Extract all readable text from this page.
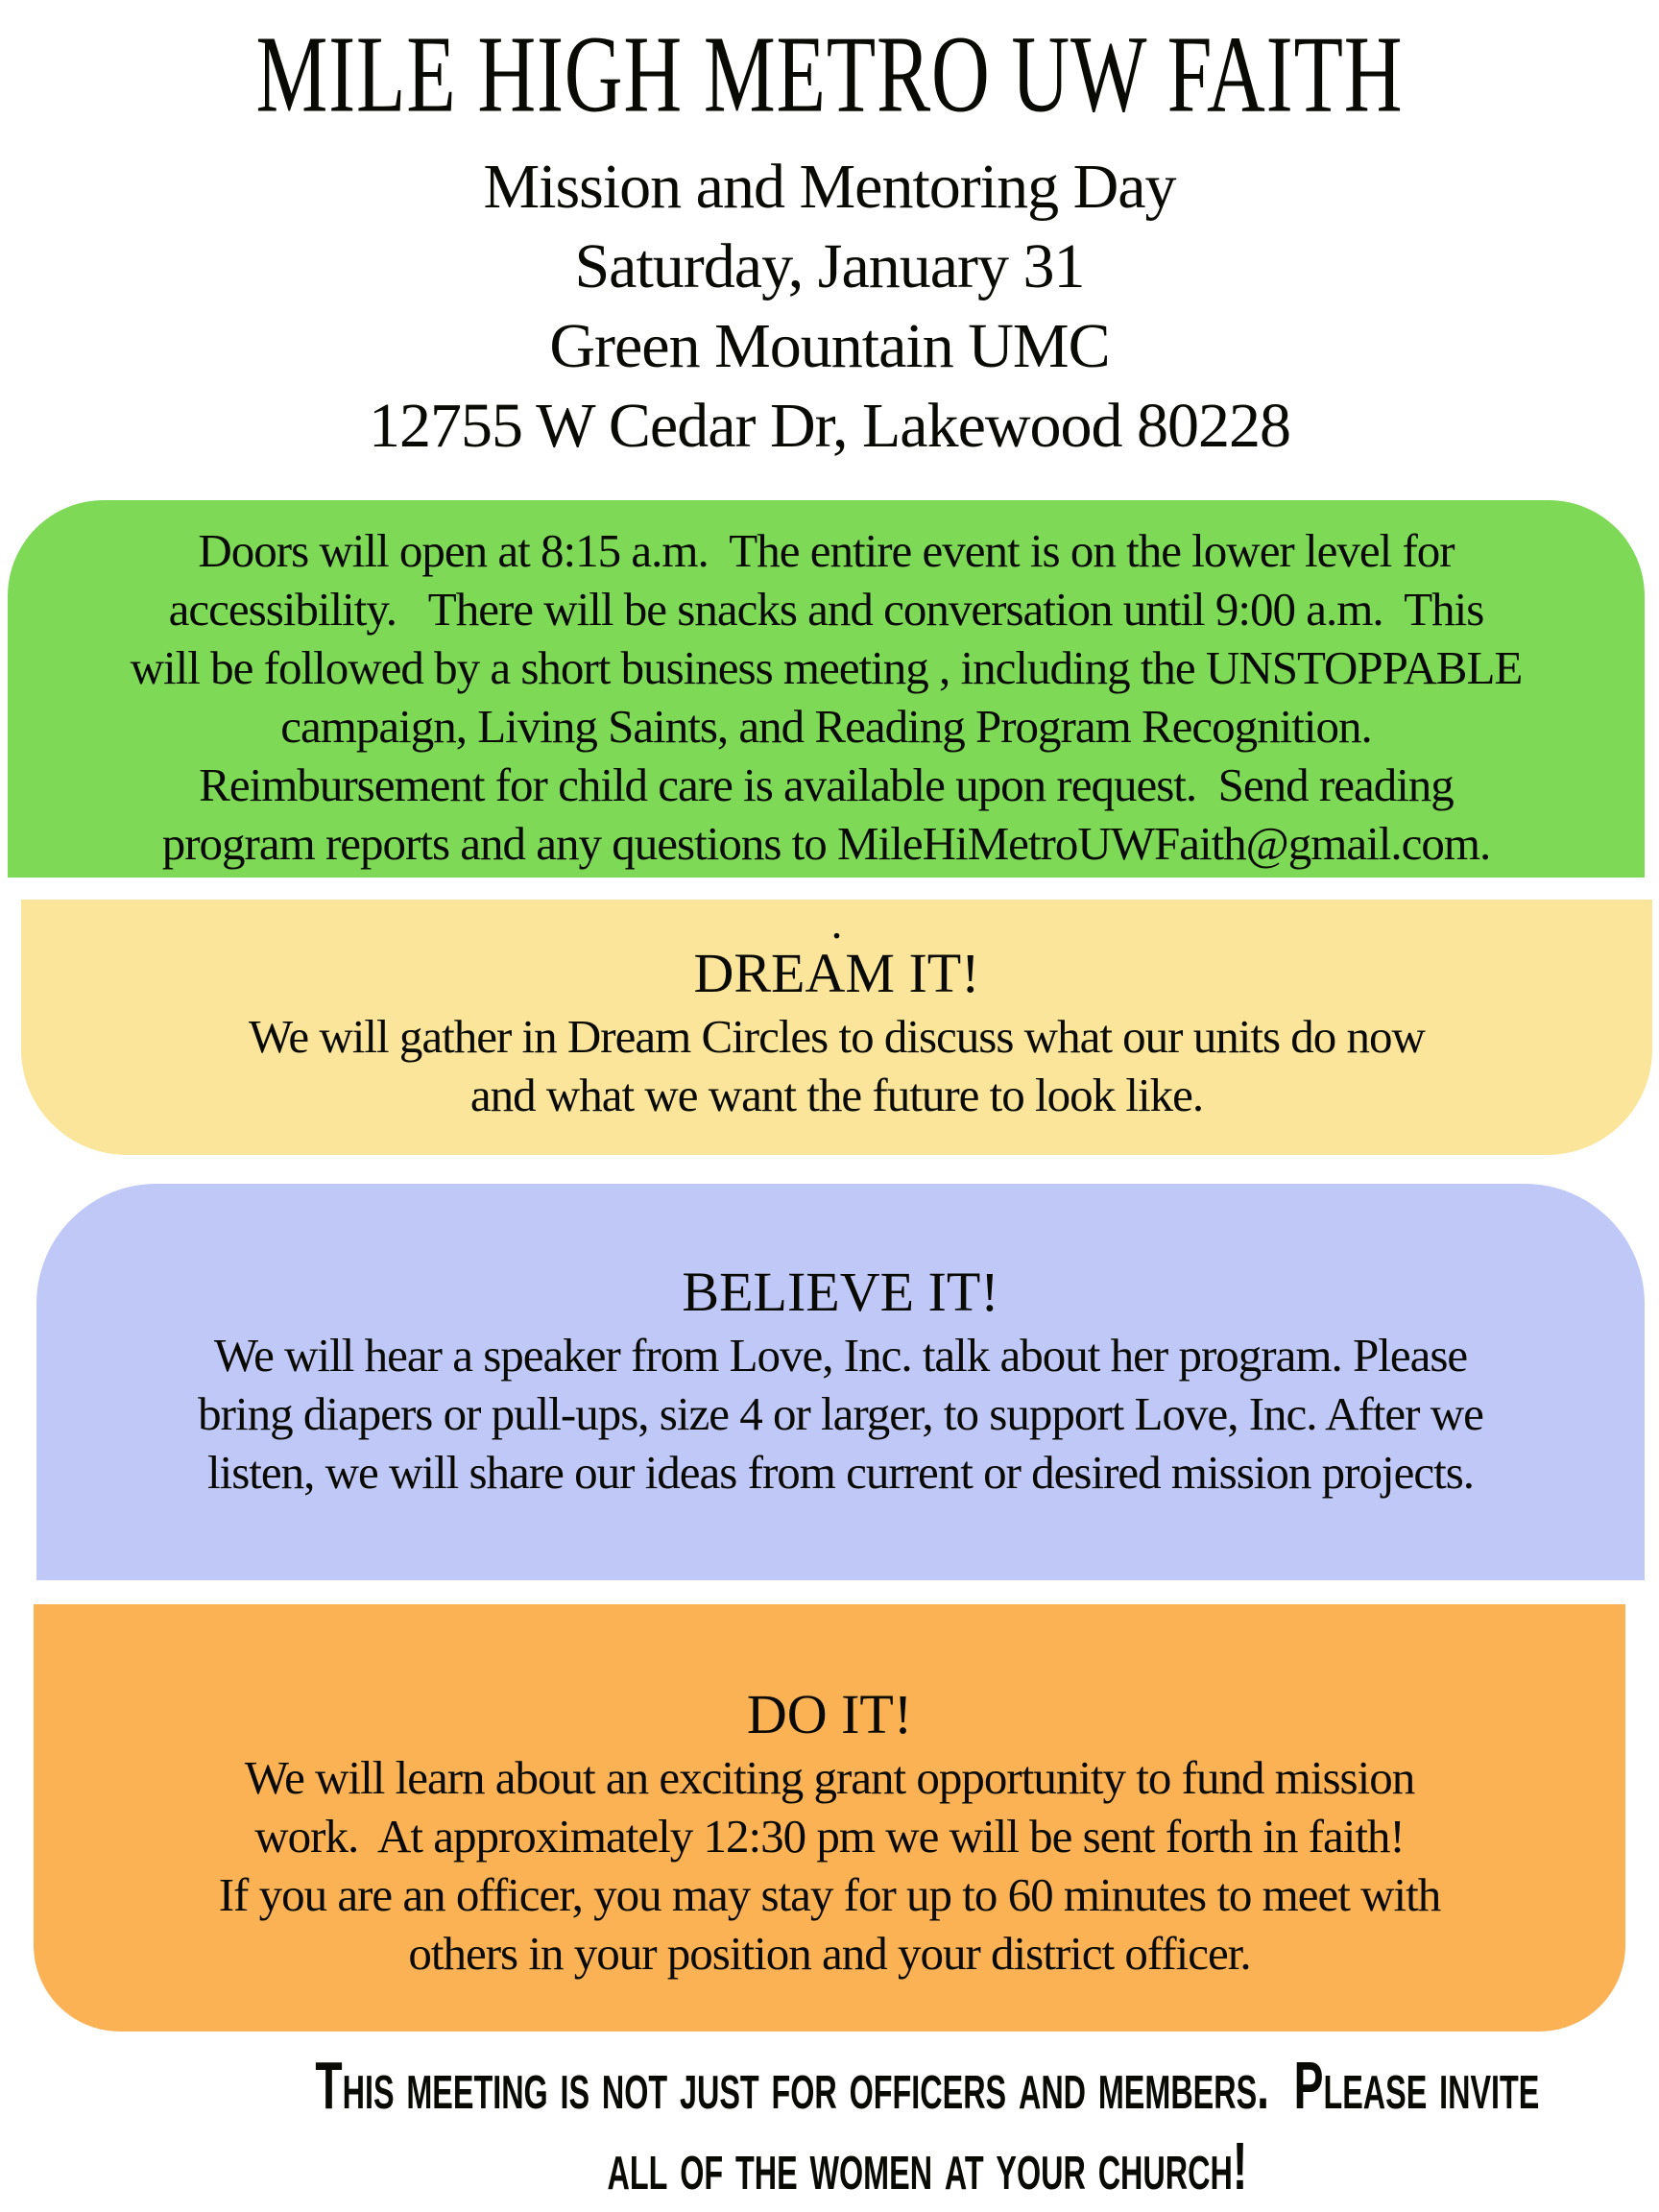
MILE HIGH METRO UW FAITH
Mission and Mentoring Day
Saturday, January 31
Green Mountain UMC
12755 W Cedar Dr, Lakewood 80228
Doors will open at 8:15 a.m.  The entire event is on the lower level for
accessibility.   There will be snacks and conversation until 9:00 a.m.  This
will be followed by a short business meeting , including the UNSTOPPABLE
campaign, Living Saints, and Reading Program Recognition.
Reimbursement for child care is available upon request.  Send reading
program reports and any questions to MileHiMetroUWFaith@gmail.com.
.
DREAM IT!
We will gather in Dream Circles to discuss what our units do now
and what we want the future to look like.
BELIEVE IT!
We will hear a speaker from Love, Inc. talk about her program. Please
bring diapers or pull-ups, size 4 or larger, to support Love, Inc. After we
listen, we will share our ideas from current or desired mission projects.
DO IT!
We will learn about an exciting grant opportunity to fund mission
work.  At approximately 12:30 pm we will be sent forth in faith!
If you are an officer, you may stay for up to 60 minutes to meet with
others in your position and your district officer.
This meeting is not just for officers and members.  Please invite
all of the women at your church!
